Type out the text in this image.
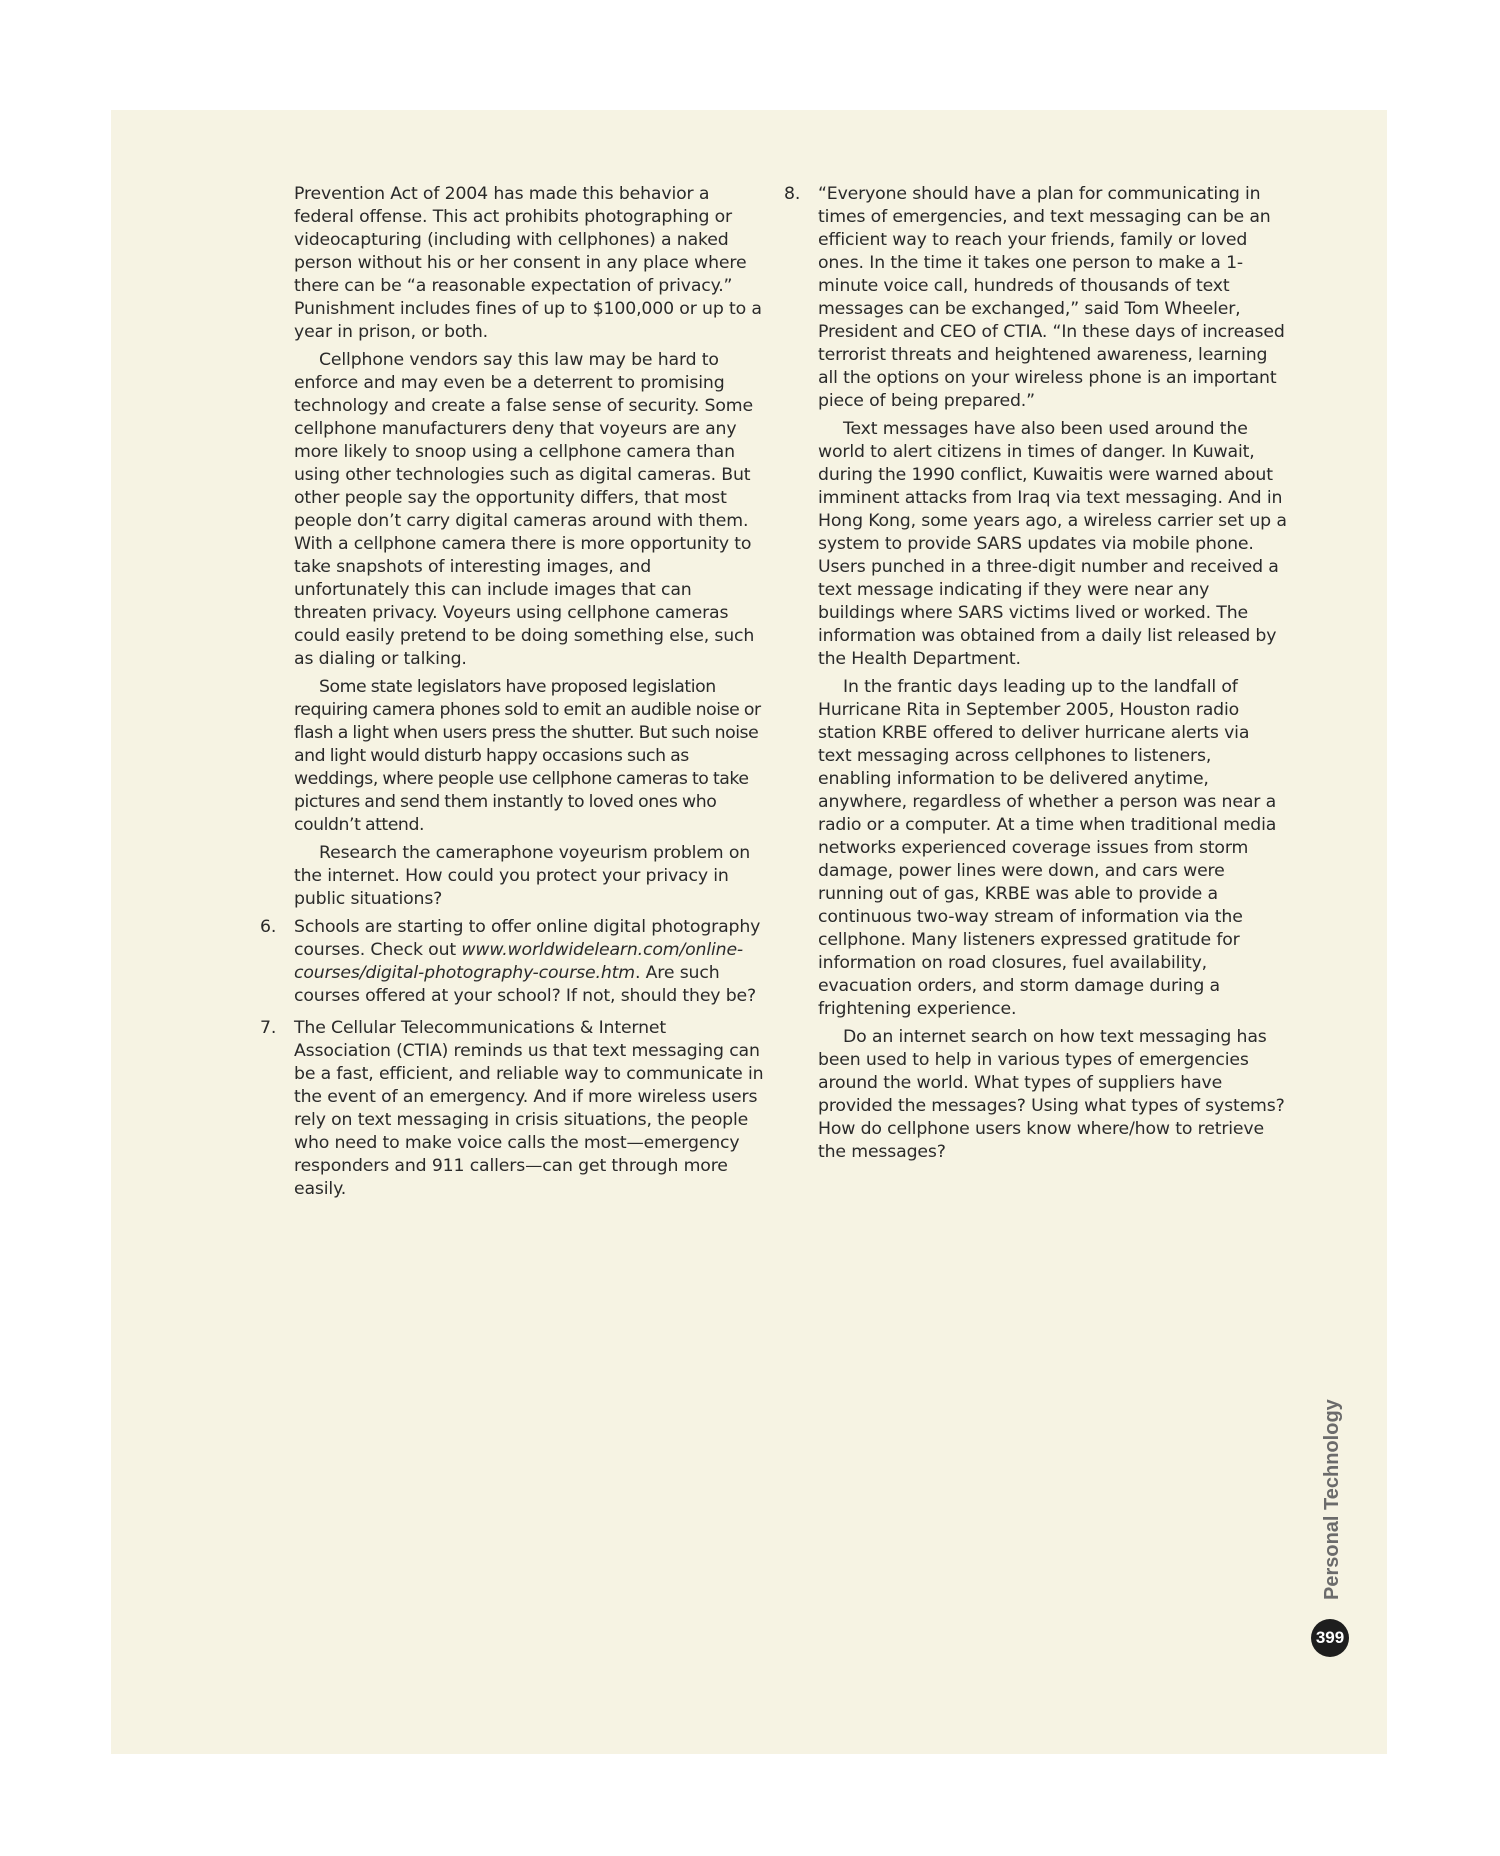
Prevention Act of 2004 has made this behavior a federal offense. This act prohibits photographing or videocapturing (including with cellphones) a naked person without his or her consent in any place where there can be “a reasonable expectation of privacy.” Punishment includes fines of up to $100,000 or up to a year in prison, or both.

Cellphone vendors say this law may be hard to enforce and may even be a deterrent to promising technology and create a false sense of security. Some cellphone manufacturers deny that voyeurs are any more likely to snoop using a cellphone camera than using other technologies such as digital cameras. But other people say the opportunity differs, that most people don’t carry digital cameras around with them. With a cellphone camera there is more opportunity to take snapshots of interesting images, and unfortunately this can include images that can threaten privacy. Voyeurs using cellphone cameras could easily pretend to be doing something else, such as dialing or talking.

Some state legislators have proposed legislation requiring camera phones sold to emit an audible noise or flash a light when users press the shutter. But such noise and light would disturb happy occasions such as weddings, where people use cellphone cameras to take pictures and send them instantly to loved ones who couldn’t attend.

Research the cameraphone voyeurism problem on the internet. How could you protect your privacy in public situations?

6. Schools are starting to offer online digital photography courses. Check out www.worldwidelearn.com/online-courses/digital-photography-course.htm. Are such courses offered at your school? If not, should they be?

7. The Cellular Telecommunications & Internet Association (CTIA) reminds us that text messaging can be a fast, efficient, and reliable way to communicate in the event of an emergency. And if more wireless users rely on text messaging in crisis situations, the people who need to make voice calls the most—emergency responders and 911 callers—can get through more easily.

8. “Everyone should have a plan for communicating in times of emergencies, and text messaging can be an efficient way to reach your friends, family or loved ones. In the time it takes one person to make a 1-minute voice call, hundreds of thousands of text messages can be exchanged,” said Tom Wheeler, President and CEO of CTIA. “In these days of increased terrorist threats and heightened awareness, learning all the options on your wireless phone is an important piece of being prepared.”

Text messages have also been used around the world to alert citizens in times of danger. In Kuwait, during the 1990 conflict, Kuwaitis were warned about imminent attacks from Iraq via text messaging. And in Hong Kong, some years ago, a wireless carrier set up a system to provide SARS updates via mobile phone. Users punched in a three-digit number and received a text message indicating if they were near any buildings where SARS victims lived or worked. The information was obtained from a daily list released by the Health Department.

In the frantic days leading up to the landfall of Hurricane Rita in September 2005, Houston radio station KRBE offered to deliver hurricane alerts via text messaging across cellphones to listeners, enabling information to be delivered anytime, anywhere, regardless of whether a person was near a radio or a computer. At a time when traditional media networks experienced coverage issues from storm damage, power lines were down, and cars were running out of gas, KRBE was able to provide a continuous two-way stream of information via the cellphone. Many listeners expressed gratitude for information on road closures, fuel availability, evacuation orders, and storm damage during a frightening experience.

Do an internet search on how text messaging has been used to help in various types of emergencies around the world. What types of suppliers have provided the messages? Using what types of systems? How do cellphone users know where/how to retrieve the messages?

Personal Technology
399
